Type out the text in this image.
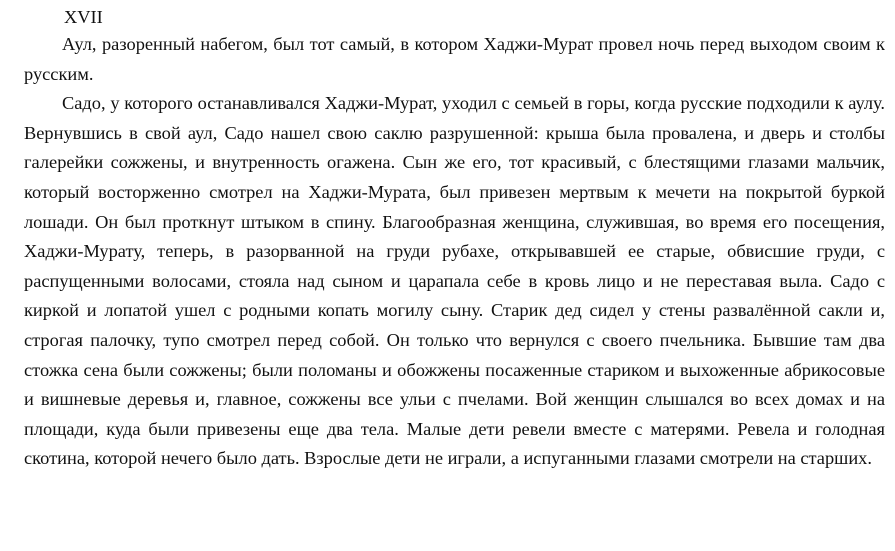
XVII

Аул, разоренный набегом, был тот самый, в котором Хаджи-Мурат провел ночь перед выходом своим к русским.

Садо, у которого останавливался Хаджи-Мурат, уходил с семьей в горы, когда русские подходили к аулу. Вернувшись в свой аул, Садо нашел свою саклю разрушенной: крыша была провалена, и дверь и столбы галерейки сожжены, и внутренность огажена. Сын же его, тот красивый, с блестящими глазами мальчик, который восторженно смотрел на Хаджи-Мурата, был привезен мертвым к мечети на покрытой буркой лошади. Он был проткнут штыком в спину. Благообразная женщина, служившая, во время его посещения, Хаджи-Мурату, теперь, в разорванной на груди рубахе, открывавшей ее старые, обвисшие груди, с распущенными волосами, стояла над сыном и царапала себе в кровь лицо и не переставая выла. Садо с киркой и лопатой ушел с родными копать могилу сыну. Старик дед сидел у стены развалённой сакли и, строгая палочку, тупо смотрел перед собой. Он только что вернулся с своего пчельника. Бывшие там два стожка сена были сожжены; были поломаны и обожжены посаженные стариком и выхоженные абрикосовые и вишневые деревья и, главное, сожжены все ульи с пчелами. Вой женщин слышался во всех домах и на площади, куда были привезены еще два тела. Малые дети ревели вместе с матерями. Ревела и голодная скотина, которой нечего было дать. Взрослые дети не играли, а испуганными глазами смотрели на старших.
